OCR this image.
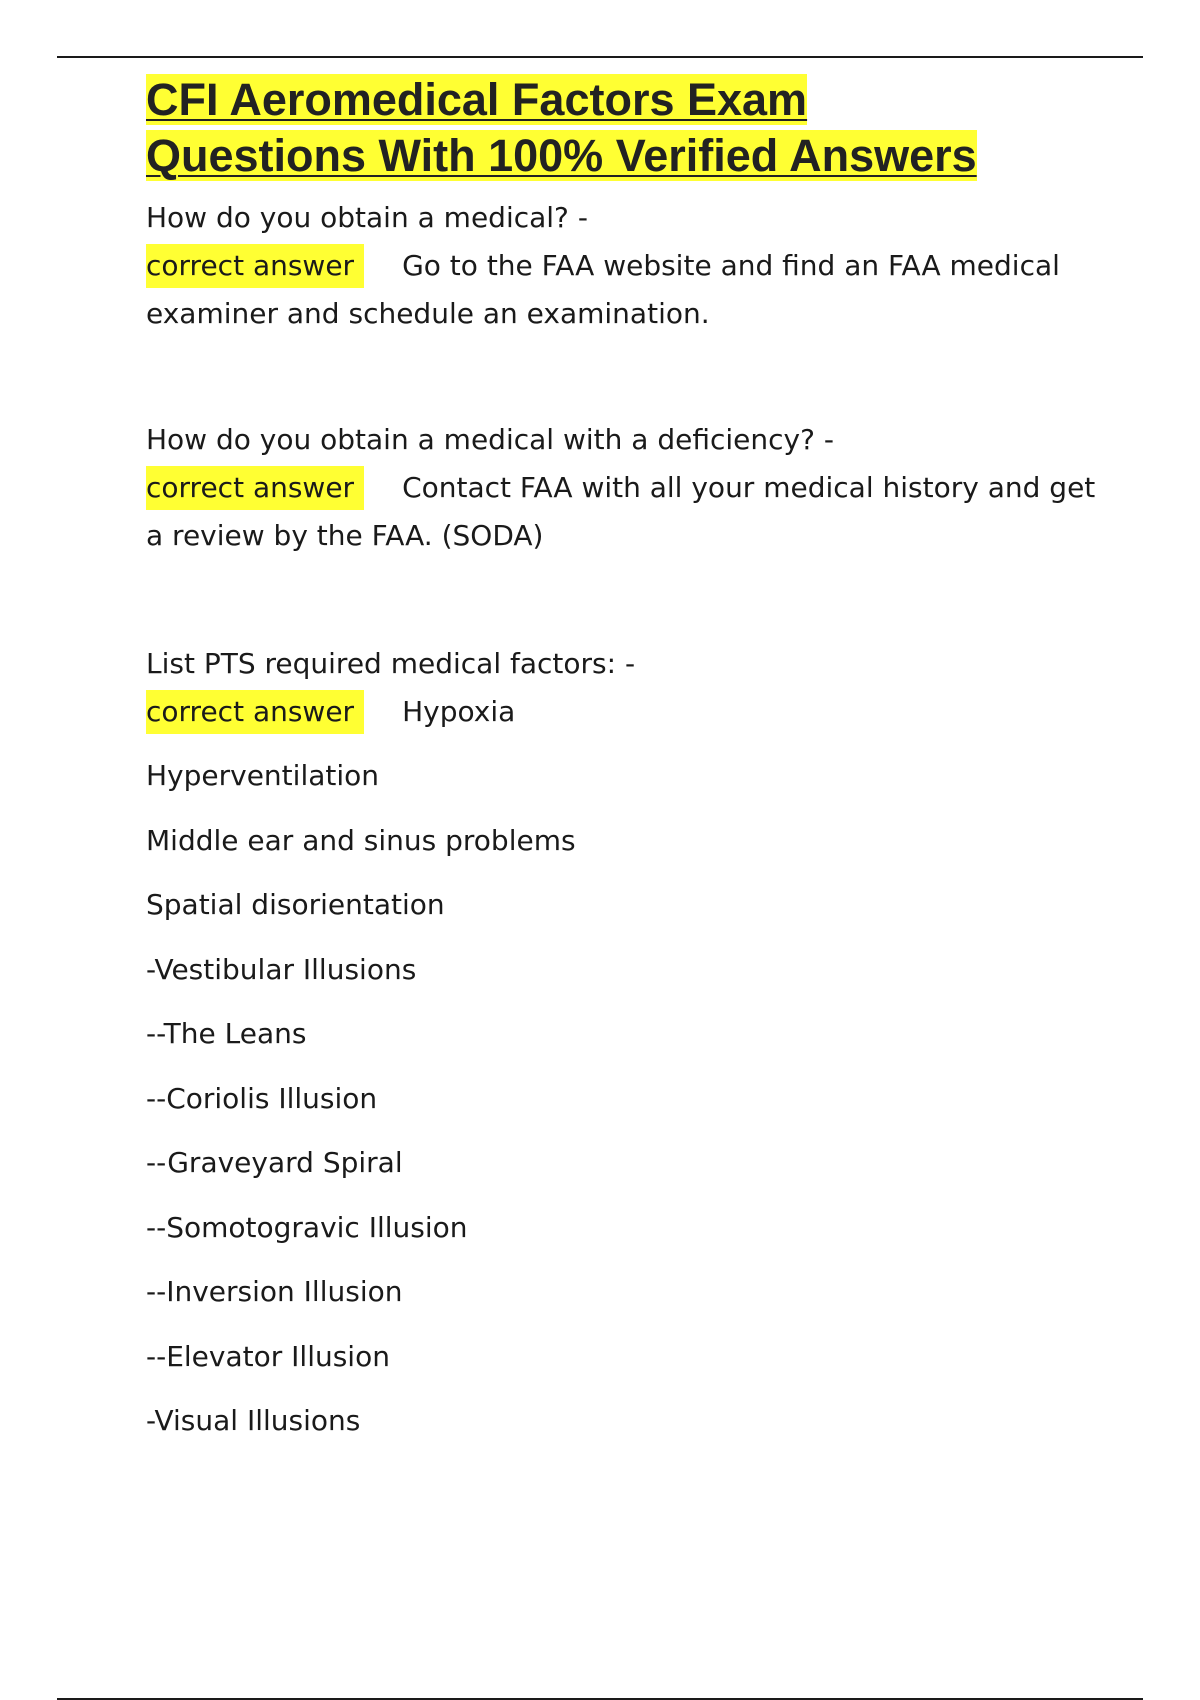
CFI Aeromedical Factors Exam
Questions With 100% Verified Answers
How do you obtain a medical? -
correct answer Go to the FAA website and find an FAA medical examiner and schedule an examination.
How do you obtain a medical with a deficiency? -
correct answer Contact FAA with all your medical history and get a review by the FAA. (SODA)
List PTS required medical factors: -
correct answer Hypoxia
Hyperventilation
Middle ear and sinus problems
Spatial disorientation
-Vestibular Illusions
--The Leans
--Coriolis Illusion
--Graveyard Spiral
--Somotogravic Illusion
--Inversion Illusion
--Elevator Illusion
-Visual Illusions
